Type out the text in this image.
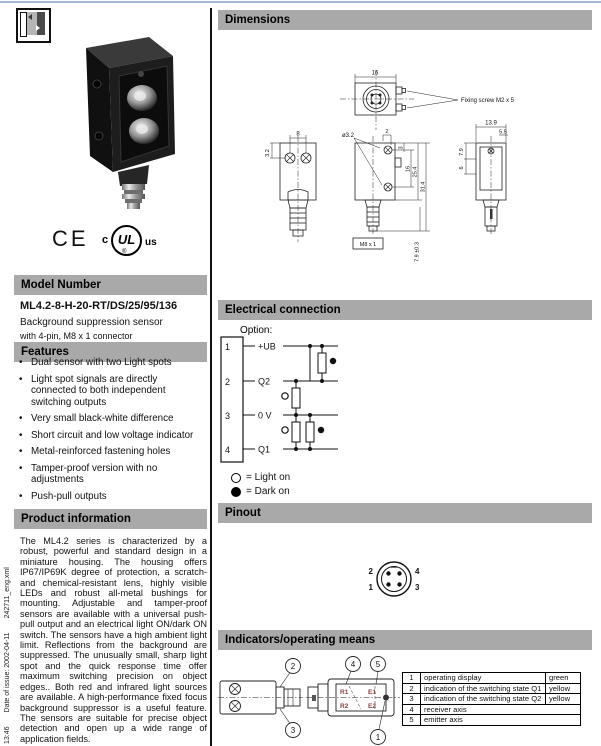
13:46
Date of issue: 2002-04-11
242711_eng.xml
CE c UL
®
us
Model Number
ML4.2-8-H-20-RT/DS/25/95/136
Background suppression sensor
with 4-pin, M8 x 1 connector
Features
• Dual sensor with two Light spots
• Light spot signals are directly connected to both independent switching outputs
• Very small black-white difference
• Short circuit and low voltage indicator
• Metal-reinforced fastening holes
• Tamper-proof version with no adjustments
• Push-pull outputs
Product information
The ML4.2 series is characterized by a robust, powerful and standard design in a miniature housing. The housing offers IP67/IP69K degree of protection, a scratch- and chemical-resistant lens, highly visible LEDs and robust all-metal bushings for mounting. Adjustable and tamper-proof sensors are available with a universal push-pull output and an electrical light ON/dark ON switch. The sensors have a high ambient light limit. Reflections from the background are suppressed. The unusually small, sharp light spot and the quick response time offer maximum switching precision on object edges.. Both red and infrared light sources are available. A high-performance fixed focus background suppressor is a useful feature. The sensors are suitable for precise object detection and open up a wide range of application fields.
Dimensions
16
Fixing screw M2 x 5
8
3.2
ø3.2
2
3
16 25.4
31.4
7.9 ±0.3
M8 x 1
13.9
5.5
7.9
6
Electrical connection
Option:
1
2
3
4
+UB
Q2
0 V
Q1
= Light on
= Dark on
Pinout
2
1
4
3
Indicators/operating means
2
3
4	5
1
R1	E1
R2	E2
1	operating display	green
2	indication of the switching state Q1	yellow
3	indication of the switching state Q2	yellow
4	receiver axis	
5	emitter axis	
